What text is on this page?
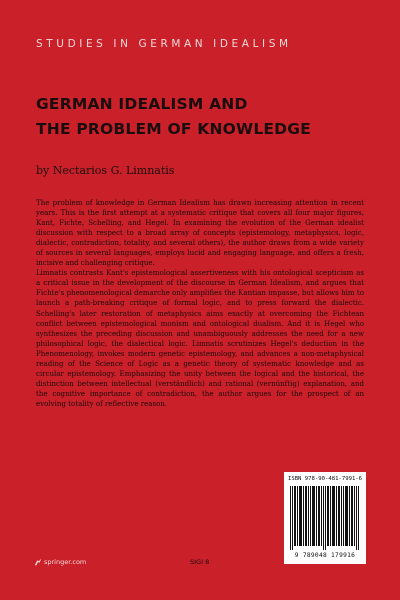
STUDIES IN GERMAN IDEALISM
GERMAN IDEALISM AND
THE PROBLEM OF KNOWLEDGE
by Nectarios G. Limnatis

The problem of knowledge in German Idealism has drawn increasing attention in recent years. This is the first attempt at a systematic critique that covers all four major figures, Kant, Fichte, Schelling, and Hegel. In examining the evolution of the German idealist discussion with respect to a broad array of concepts (epistemology, metaphysics, logic, dialectic, contradiction, totality, and several others), the author draws from a wide variety of sources in several languages, employs lucid and engaging language, and offers a fresh, incisive and challenging critique.

Limnatis contrasts Kant's epistemological assertiveness with his ontological scepticism as a critical issue in the development of the discourse in German Idealism, and argues that Fichte's phenomenological demarche only amplifies the Kantian impasse, but allows him to launch a path-breaking critique of formal logic, and to press forward the dialectic. Schelling's later restoration of metaphysics aims exactly at overcoming the Fichtean conflict between epistemological monism and ontological dualism. And it is Hegel who synthesizes the preceding discussion and unambiguously addresses the need for a new philosophical logic, the dialectical logic. Limnatis scrutinizes Hegel's deduction in the Phenomenology, invokes modern genetic epistemology, and advances a non-metaphysical reading of the Science of Logic as a genetic theory of systematic knowledge and as circular epistemology. Emphasizing the unity between the logical and the historical, the distinction between intellectual (verständlich) and rational (vernünftig) explanation, and the cognitive importance of contradiction, the author argues for the prospect of an evolving totality of reflective reason.

ISBN 978-90-481-7991-6
9 789048 179916
springer.com	SIGI 8
